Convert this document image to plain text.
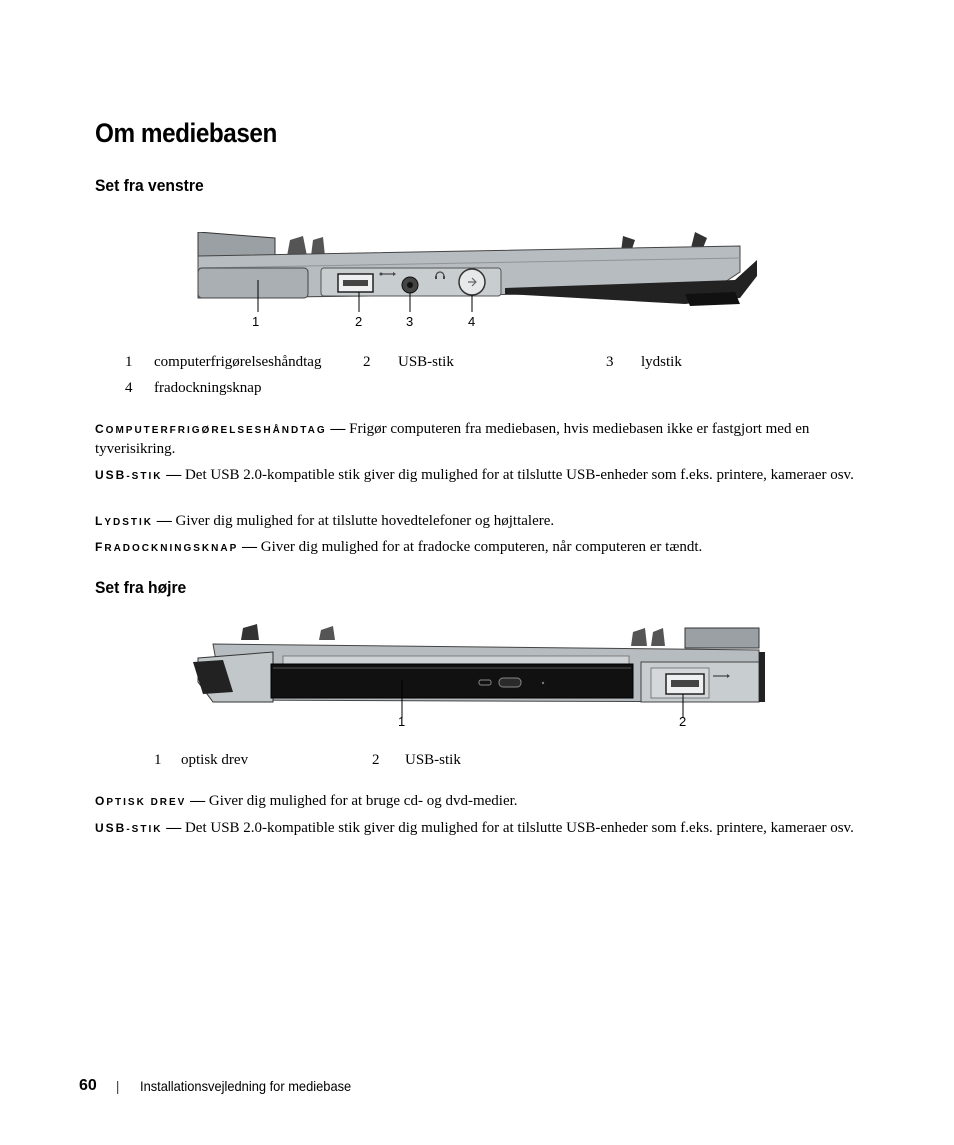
Om mediebasen
Set fra venstre
1	2	3	4
1 computerfrigørelseshåndtag	2 USB-stik	3 lydstik
4 fradockningsknap
COMPUTERFRIGØRELSESHÅNDTAG — Frigør computeren fra mediebasen, hvis mediebasen ikke er fastgjort med en tyverisikring.
USB-STIK — Det USB 2.0-kompatible stik giver dig mulighed for at tilslutte USB-enheder som f.eks. printere, kameraer osv.
LYDSTIK — Giver dig mulighed for at tilslutte hovedtelefoner og højttalere.
FRADOCKNINGSKNAP — Giver dig mulighed for at fradocke computeren, når computeren er tændt.
Set fra højre
1	2
1 optisk drev	2 USB-stik
OPTISK DREV — Giver dig mulighed for at bruge cd- og dvd-medier.
USB-STIK — Det USB 2.0-kompatible stik giver dig mulighed for at tilslutte USB-enheder som f.eks. printere, kameraer osv.
60 | Installationsvejledning for mediebase
